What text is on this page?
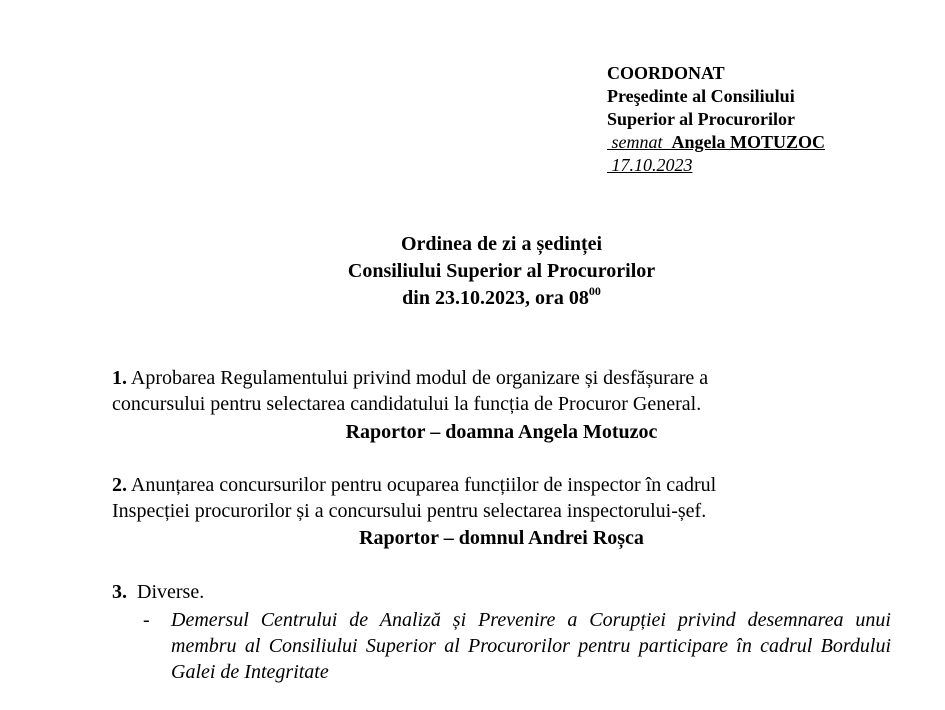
COORDONAT
Preşedinte al Consiliului
Superior al Procurorilor
semnat Angela MOTUZOC
17.10.2023
Ordinea de zi a ședinței
Consiliului Superior al Procurorilor
din 23.10.2023, ora $08^{00}$
1. Aprobarea Regulamentului privind modul de organizare și desfășurare a
concursului pentru selectarea candidatului la funcția de Procuror General.
Raportor – doamna Angela Motuzoc
2. Anunțarea concursurilor pentru ocuparea funcțiilor de inspector în cadrul
Inspecției procurorilor și a concursului pentru selectarea inspectorului-șef.
Raportor – domnul Andrei Roșca
3. Diverse.
- Demersul Centrului de Analiză și Prevenire a Corupției privind desemnarea unui membru al Consiliului Superior al Procurorilor pentru participare în cadrul Bordului Galei de Integritate
